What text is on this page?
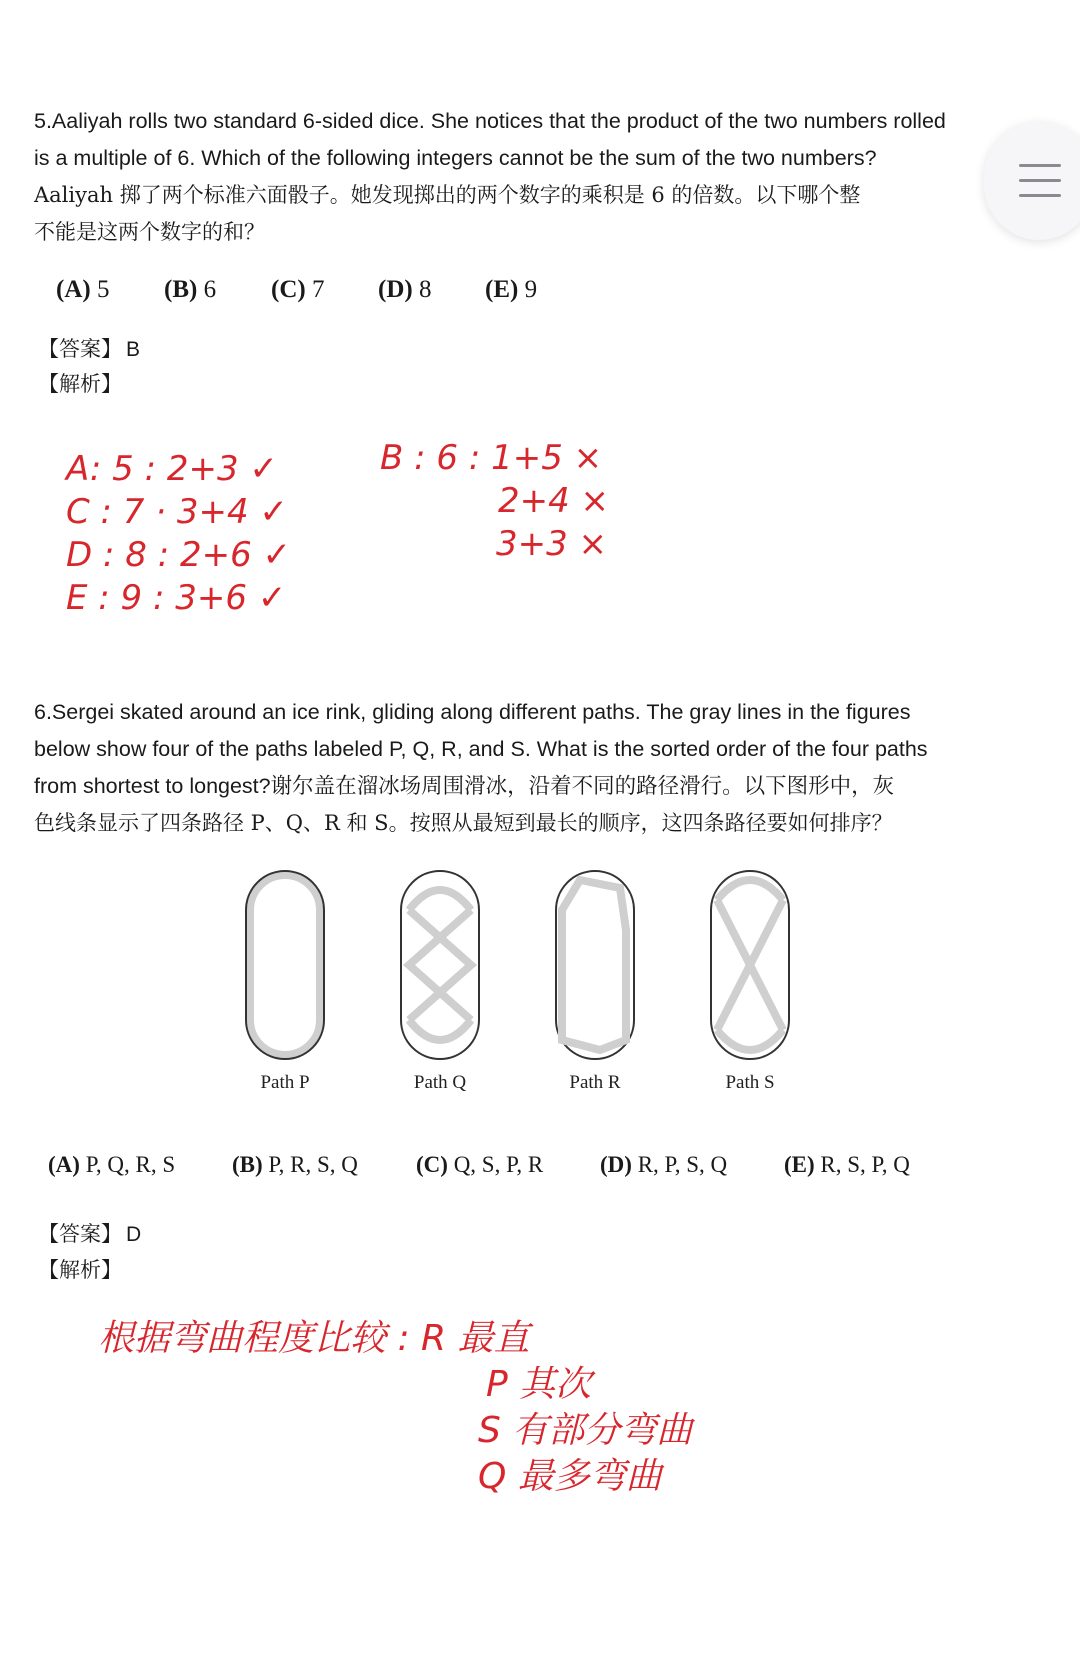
5.Aaliyah rolls two standard 6-sided dice. She notices that the product of the two numbers rolled
is a multiple of 6. Which of the following integers cannot be the sum of the two numbers?
Aaliyah 掷了两个标准六面骰子。她发现掷出的两个数字的乘积是 6 的倍数。以下哪个整
不能是这两个数字的和？
(A) 5	(B) 6	(C) 7	(D) 8	(E) 9
【答案】 B
【解析】
A: 5 : 2+3 ✓
C : 7 · 3+4 ✓
D : 8 : 2+6 ✓
E : 9 : 3+6 ✓
B : 6 : 1+5 ×
2+4 ×
3+3 ×
6.Sergei skated around an ice rink, gliding along different paths. The gray lines in the figures
below show four of the paths labeled P, Q, R, and S. What is the sorted order of the four paths
from shortest to longest?谢尔盖在溜冰场周围滑冰，沿着不同的路径滑行。以下图形中，灰
色线条显示了四条路径 P、Q、R 和 S。按照从最短到最长的顺序，这四条路径要如何排序？
Path P	Path Q	Path R	Path S
(A) P, Q, R, S	(B) P, R, S, Q	(C) Q, S, P, R	(D) R, P, S, Q	(E) R, S, P, Q
【答案】 D
【解析】
根据弯曲程度比较 : R 最直
P 其次
S 有部分弯曲
Q 最多弯曲
